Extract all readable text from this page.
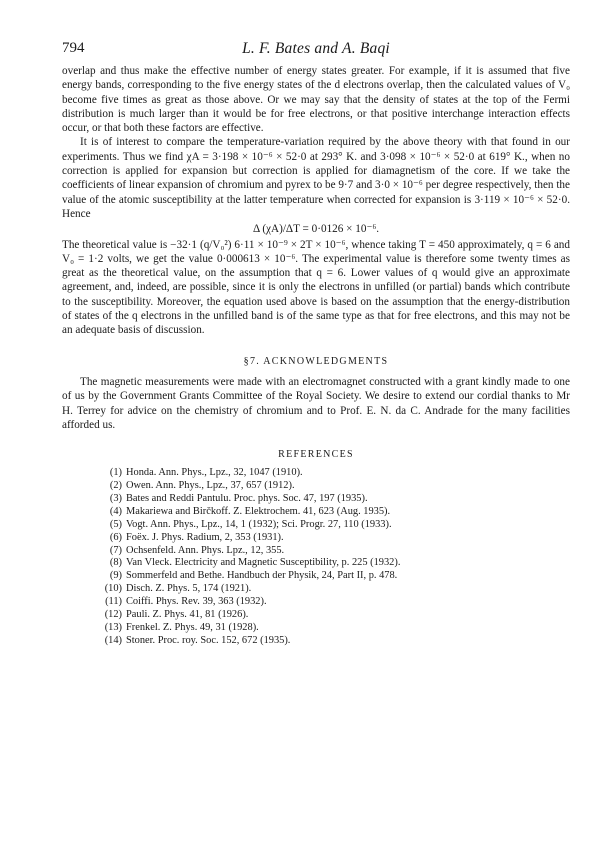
794	L. F. Bates and A. Baqi

overlap and thus make the effective number of energy states greater. For example, if it is assumed that five energy bands, corresponding to the five energy states of the d electrons overlap, then the calculated values of V₀ become five times as great as those above. Or we may say that the density of states at the top of the Fermi distribution is much larger than it would be for free electrons, or that positive interchange interaction effects occur, or that both these factors are effective.

It is of interest to compare the temperature-variation required by the above theory with that found in our experiments. Thus we find χA = 3·198 × 10⁻⁶ × 52·0 at 293° K. and 3·098 × 10⁻⁶ × 52·0 at 619° K., when no correction is applied for expansion but correction is applied for diamagnetism of the core. If we take the coefficients of linear expansion of chromium and pyrex to be 9·7 and 3·0 × 10⁻⁶ per degree respectively, then the value of the atomic susceptibility at the latter temperature when corrected for expansion is 3·119 × 10⁻⁶ × 52·0. Hence

Δ (χA)/ΔT = 0·0126 × 10⁻⁶.

The theoretical value is −32·1 (q/V₀²) 6·11 × 10⁻⁹ × 2T × 10⁻⁶, whence taking T = 450 approximately, q = 6 and V₀ = 1·2 volts, we get the value 0·000613 × 10⁻⁶. The experimental value is therefore some twenty times as great as the theoretical value, on the assumption that q = 6. Lower values of q would give an approximate agreement, and, indeed, are possible, since it is only the electrons in unfilled (or partial) bands which contribute to the susceptibility. Moreover, the equation used above is based on the assumption that the energy-distribution of states of the q electrons in the unfilled band is of the same type as that for free electrons, and this may not be an adequate basis of discussion.

§7. ACKNOWLEDGMENTS

The magnetic measurements were made with an electromagnet constructed with a grant kindly made to one of us by the Government Grants Committee of the Royal Society. We desire to extend our cordial thanks to Mr H. Terrey for advice on the chemistry of chromium and to Prof. E. N. da C. Andrade for the many facilities afforded us.

REFERENCES
(1) Honda. Ann. Phys., Lpz., 32, 1047 (1910).
(2) Owen. Ann. Phys., Lpz., 37, 657 (1912).
(3) Bates and Reddi Pantulu. Proc. phys. Soc. 47, 197 (1935).
(4) Makariewa and Birčkoff. Z. Elektrochem. 41, 623 (Aug. 1935).
(5) Vogt. Ann. Phys., Lpz., 14, 1 (1932); Sci. Progr. 27, 110 (1933).
(6) Foëx. J. Phys. Radium, 2, 353 (1931).
(7) Ochsenfeld. Ann. Phys. Lpz., 12, 355.
(8) Van Vleck. Electricity and Magnetic Susceptibility, p. 225 (1932).
(9) Sommerfeld and Bethe. Handbuch der Physik, 24, Part II, p. 478.
(10) Disch. Z. Phys. 5, 174 (1921).
(11) Coiffi. Phys. Rev. 39, 363 (1932).
(12) Pauli. Z. Phys. 41, 81 (1926).
(13) Frenkel. Z. Phys. 49, 31 (1928).
(14) Stoner. Proc. roy. Soc. 152, 672 (1935).
